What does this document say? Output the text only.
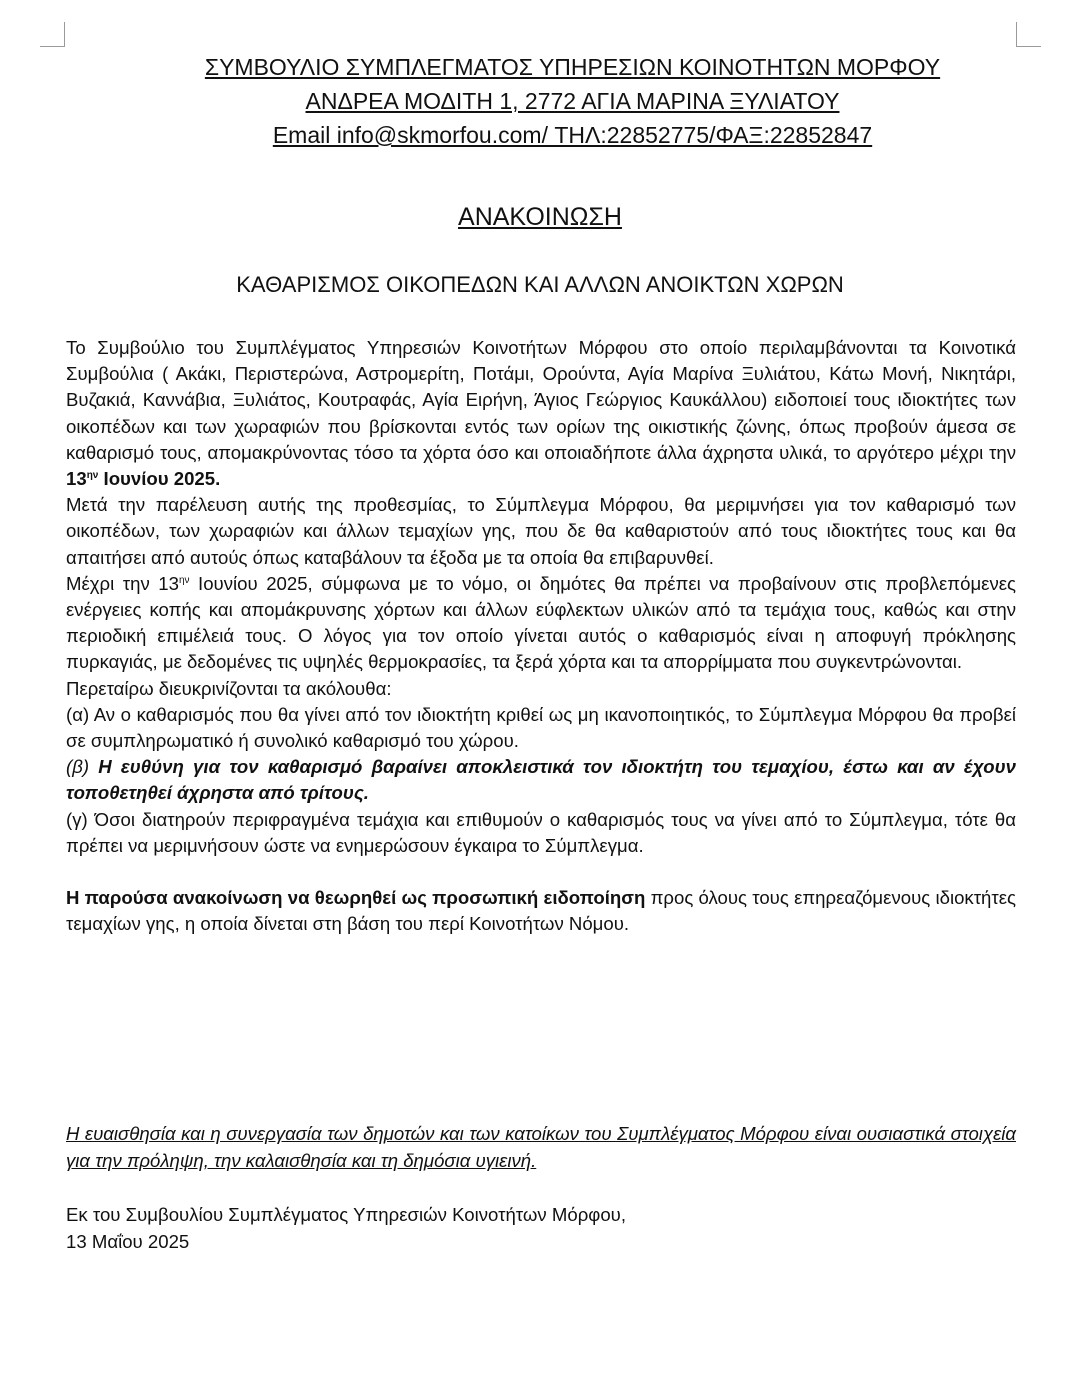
ΣΥΜΒΟΥΛΙΟ ΣΥΜΠΛΕΓΜΑΤΟΣ ΥΠΗΡΕΣΙΩΝ ΚΟΙΝΟΤΗΤΩΝ ΜΟΡΦΟΥ
ΑΝΔΡΕΑ ΜΟΔΙΤΗ 1, 2772 ΑΓΙΑ ΜΑΡΙΝΑ ΞΥΛΙΑΤΟΥ
Email info@skmorfou.com/ ΤΗΛ:22852775/ΦΑΞ:22852847
ΑΝΑΚΟΙΝΩΣΗ
ΚΑΘΑΡΙΣΜΟΣ ΟΙΚΟΠΕΔΩΝ ΚΑΙ ΑΛΛΩΝ ΑΝΟΙΚΤΩΝ ΧΩΡΩΝ

Το Συμβούλιο του Συμπλέγματος Υπηρεσιών Κοινοτήτων Μόρφου στο οποίο περιλαμβάνονται τα Κοινοτικά Συμβούλια ( Ακάκι, Περιστερώνα, Αστρομερίτη, Ποτάμι, Ορούντα, Αγία Μαρίνα Ξυλιάτου, Κάτω Μονή, Νικητάρι, Βυζακιά, Καννάβια, Ξυλιάτος, Κουτραφάς, Αγία Ειρήνη, Άγιος Γεώργιος Καυκάλλου) ειδοποιεί τους ιδιοκτήτες των οικοπέδων και των χωραφιών που βρίσκονται εντός των ορίων της οικιστικής ζώνης, όπως προβούν άμεσα σε καθαρισμό τους, απομακρύνοντας τόσο τα χόρτα όσο και οποιαδήποτε άλλα άχρηστα υλικά, το αργότερο μέχρι την $13^{\eta\nu}$ Ιουνίου 2025.

Μετά την παρέλευση αυτής της προθεσμίας, το Σύμπλεγμα Μόρφου, θα μεριμνήσει για τον καθαρισμό των οικοπέδων, των χωραφιών και άλλων τεμαχίων γης, που δε θα καθαριστούν από τους ιδιοκτήτες τους και θα απαιτήσει από αυτούς όπως καταβάλουν τα έξοδα με τα οποία θα επιβαρυνθεί.

Μέχρι την $13^{\eta\nu}$ Ιουνίου 2025, σύμφωνα με το νόμο, οι δημότες θα πρέπει να προβαίνουν στις προβλεπόμενες ενέργειες κοπής και απομάκρυνσης χόρτων και άλλων εύφλεκτων υλικών από τα τεμάχια τους, καθώς και στην περιοδική επιμέλειά τους. Ο λόγος για τον οποίο γίνεται αυτός ο καθαρισμός είναι η αποφυγή πρόκλησης πυρκαγιάς, με δεδομένες τις υψηλές θερμοκρασίες, τα ξερά χόρτα και τα απορρίμματα που συγκεντρώνονται.

Περεταίρω διευκρινίζονται τα ακόλουθα:

(α) Αν ο καθαρισμός που θα γίνει από τον ιδιοκτήτη κριθεί ως μη ικανοποιητικός, το Σύμπλεγμα Μόρφου θα προβεί σε συμπληρωματικό ή συνολικό καθαρισμό του χώρου.

(β) Η ευθύνη για τον καθαρισμό βαραίνει αποκλειστικά τον ιδιοκτήτη του τεμαχίου, έστω και αν έχουν τοποθετηθεί άχρηστα από τρίτους.

(γ) Όσοι διατηρούν περιφραγμένα τεμάχια και επιθυμούν ο καθαρισμός τους να γίνει από το Σύμπλεγμα, τότε θα πρέπει να μεριμνήσουν ώστε να ενημερώσουν έγκαιρα το Σύμπλεγμα.

Η παρούσα ανακοίνωση να θεωρηθεί ως προσωπική ειδοποίηση προς όλους τους επηρεαζόμενους ιδιοκτήτες τεμαχίων γης, η οποία δίνεται στη βάση του περί Κοινοτήτων Νόμου.

Η ευαισθησία και η συνεργασία των δημοτών και των κατοίκων του Συμπλέγματος Μόρφου είναι ουσιαστικά στοιχεία για την πρόληψη, την καλαισθησία και τη δημόσια υγιεινή.
Εκ του Συμβουλίου Συμπλέγματος Υπηρεσιών Κοινοτήτων Μόρφου,
13 Μαΐου 2025
